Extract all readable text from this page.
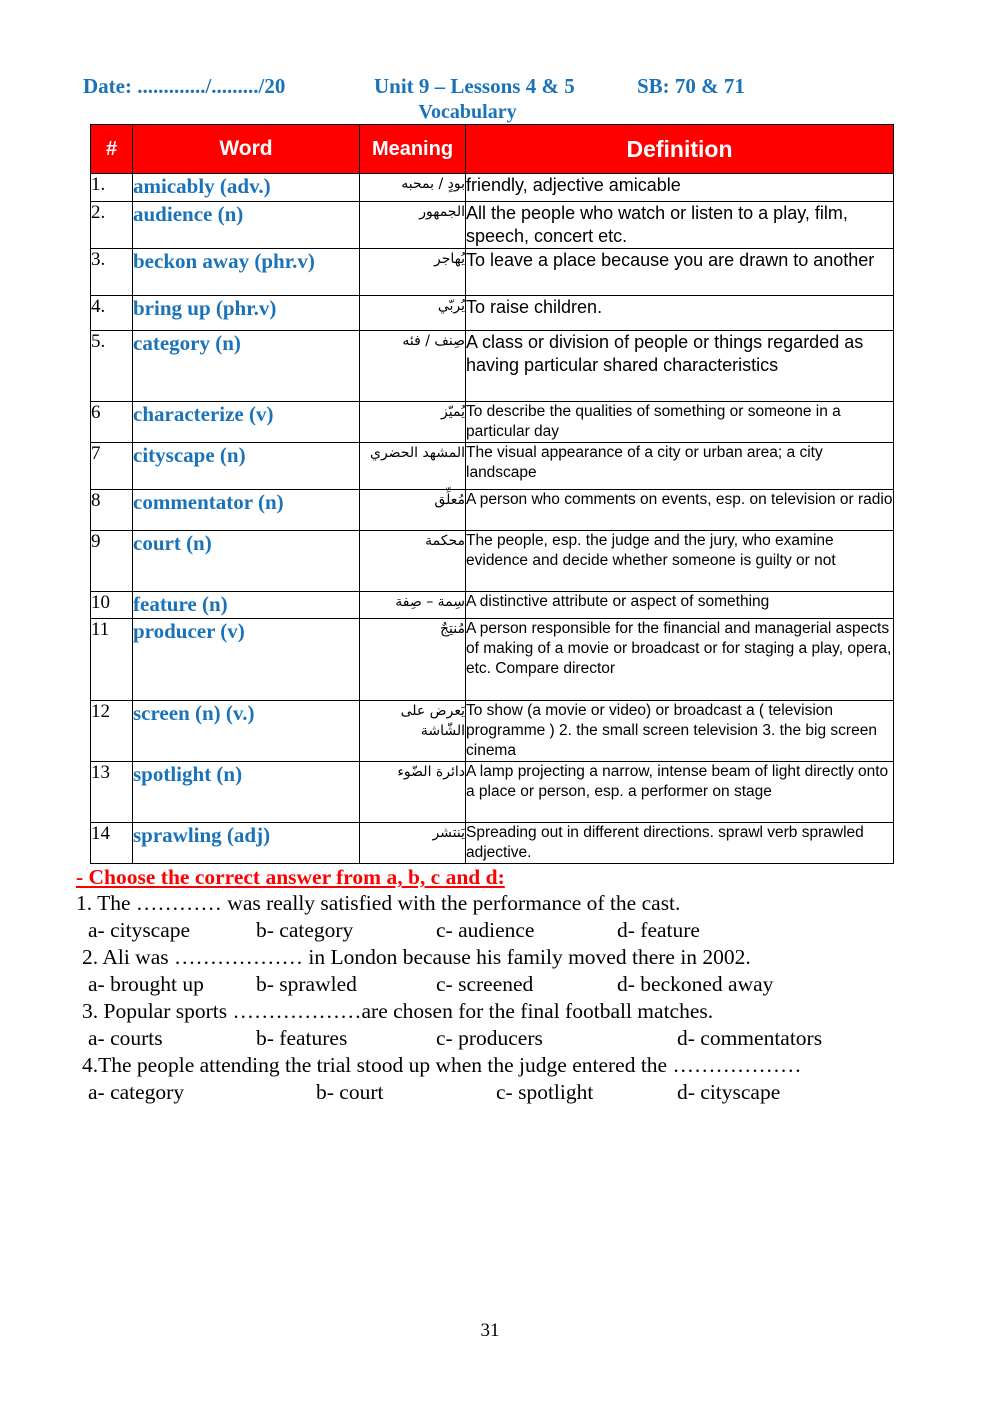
Date: ............./........./20	Unit 9 – Lessons 4 & 5	SB: 70 & 71
Vocabulary
#	Word	Meaning	Definition
1.	amicably (adv.)	بودٍ / بمحبه	friendly, adjective amicable
2.	audience (n)	الجمهور	All the people who watch or listen to a play, film, speech, concert etc.
3.	beckon away (phr.v)	يُهاجر	To leave a place because you are drawn to another
4.	bring up (phr.v)	يُربّي	To raise children.
5.	category (n)	صِنف / فئه	A class or division of people or things regarded as having particular shared characteristics
6	characterize (v)	يُميّز	To describe the qualities of something or someone in a particular day
7	cityscape (n)	المشهد الحضري	The visual appearance of a city or urban area; a city landscape
8	commentator (n)	مُعلِّق	A person who comments on events, esp. on television or radio
9	court (n)	محكمة	The people, esp. the judge and the jury, who examine evidence and decide whether someone is guilty or not
10	feature (n)	سِمة – صِفة	A distinctive attribute or aspect of something
11	producer (v)	مُنتِجٌ	A person responsible for the financial and managerial aspects of making of a movie or broadcast or for staging a play, opera, etc. Compare director
12	screen (n) (v.)	يَعرض على الشّاشة	To show (a movie or video) or broadcast a ( television programme ) 2. the small screen television 3. the big screen cinema
13	spotlight (n)	دائرة الضّوء	A lamp projecting a narrow, intense beam of light directly onto a place or person, esp. a performer on stage
14	sprawling (adj)	يَنتشر	Spreading out in different directions. sprawl verb sprawled adjective.

- Choose the correct answer from a, b, c and d:

1. The ………… was really satisfied with the performance of the cast.

a- cityscape	b- category	c- audience	d- feature

2. Ali was ……………… in London because his family moved there in 2002.

a- brought up b- sprawled	c- screened	d- beckoned away

3. Popular sports ………………are chosen for the final football matches.

a- courts	b- features	c- producers	d- commentators

4.The people attending the trial stood up when the judge entered the ………………

a- category	b- court	c- spotlight	d- cityscape
31
